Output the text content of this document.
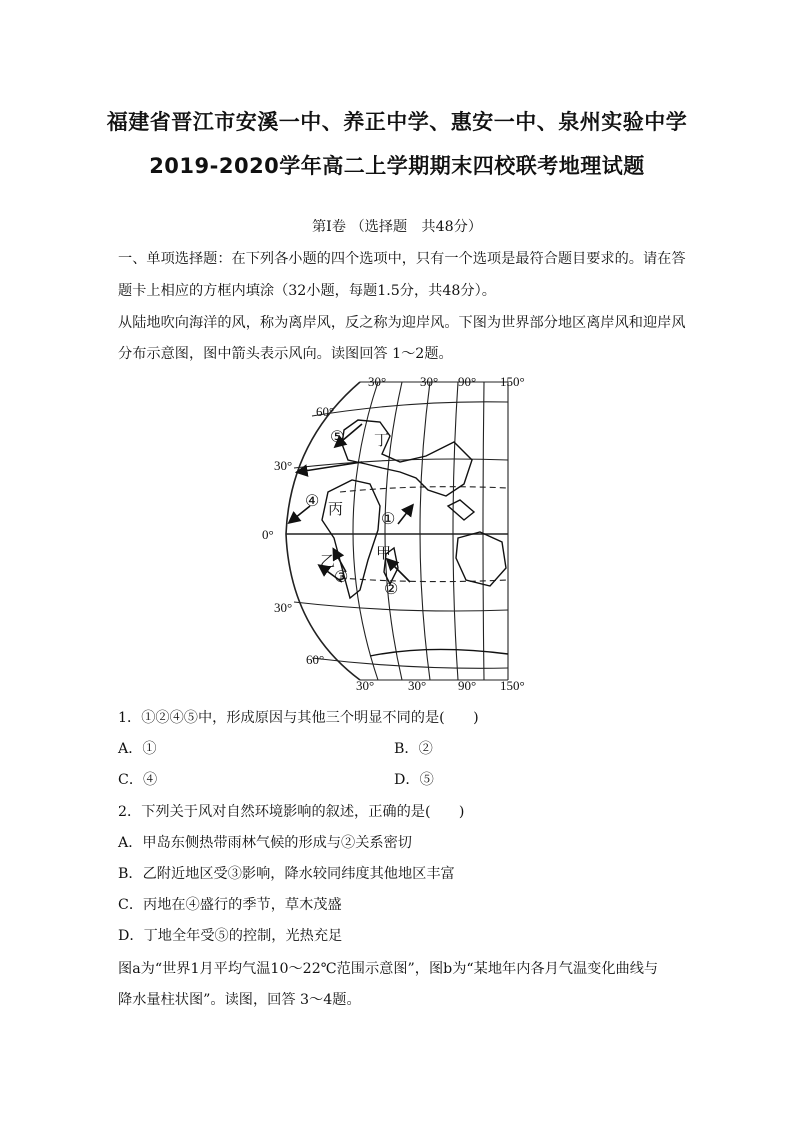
福建省晋江市安溪一中、养正中学、惠安一中、泉州实验中学
2019-2020学年高二上学期期末四校联考地理试题
第Ⅰ卷 （选择题　共48分）
一、单项选择题：在下列各小题的四个选项中，只有一个选项是最符合题目要求的。请在答
题卡上相应的方框内填涂（32小题，每题1.5分，共48分）。
从陆地吹向海洋的风，称为离岸风，反之称为迎岸风。下图为世界部分地区离岸风和迎岸风
分布示意图，图中箭头表示风向。读图回答 1～2题。
30°	30° 90° 150°
30°	30° 90° 150°
60°
30°
0°
30°
60°
⑤
④
①
③
②
丁
丙
甲
乙
1．①②④⑤中，形成原因与其他三个明显不同的是(　　)
A．①	B．②
C．④	D．⑤
2．下列关于风对自然环境影响的叙述，正确的是(　　)
A．甲岛东侧热带雨林气候的形成与②关系密切
B．乙附近地区受③影响，降水较同纬度其他地区丰富
C．丙地在④盛行的季节，草木茂盛
D．丁地全年受⑤的控制，光热充足
图a为“世界1月平均气温10～22℃范围示意图”，图b为“某地年内各月气温变化曲线与
降水量柱状图”。读图，回答 3～4题。
